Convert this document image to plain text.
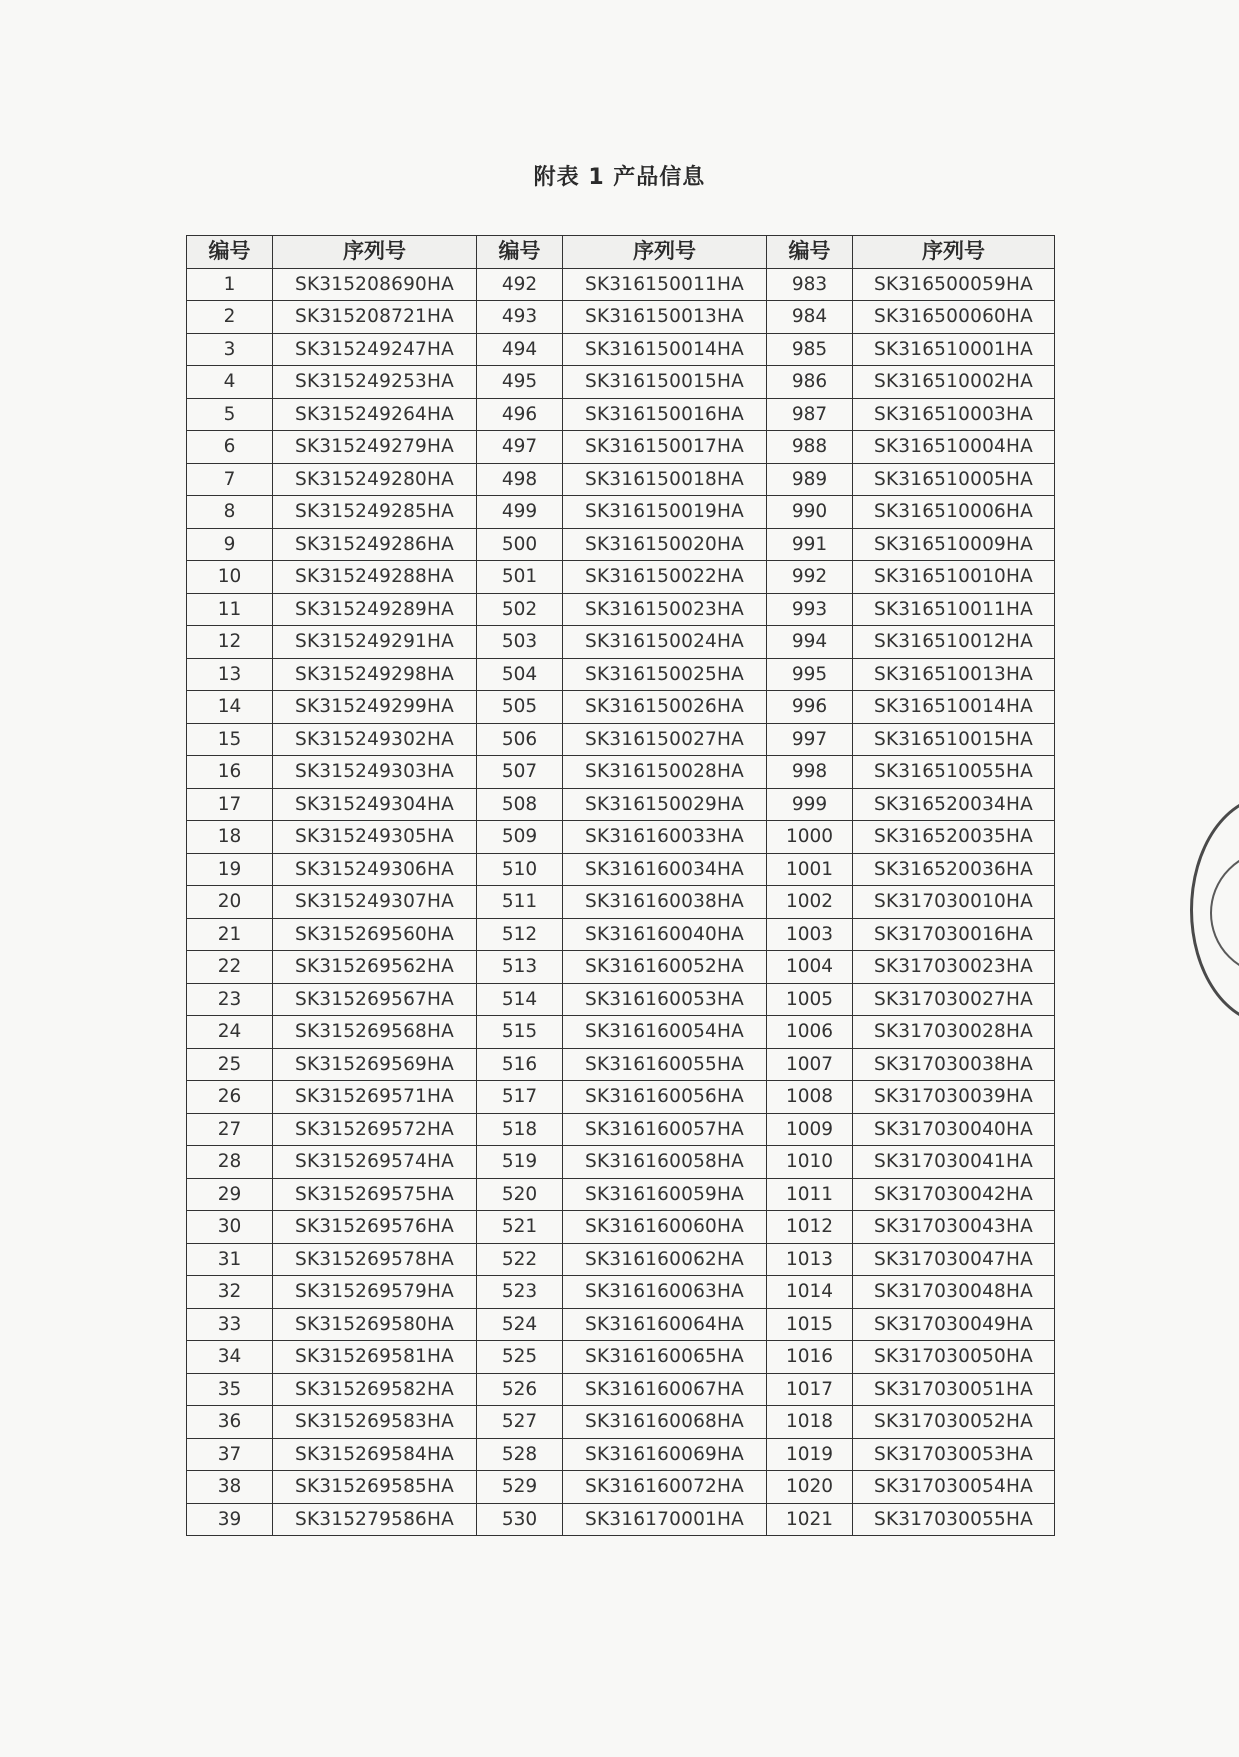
附表 1 产品信息
编号	序列号	编号	序列号	编号	序列号
1	SK315208690HA	492	SK316150011HA	983	SK316500059HA
2	SK315208721HA	493	SK316150013HA	984	SK316500060HA
3	SK315249247HA	494	SK316150014HA	985	SK316510001HA
4	SK315249253HA	495	SK316150015HA	986	SK316510002HA
5	SK315249264HA	496	SK316150016HA	987	SK316510003HA
6	SK315249279HA	497	SK316150017HA	988	SK316510004HA
7	SK315249280HA	498	SK316150018HA	989	SK316510005HA
8	SK315249285HA	499	SK316150019HA	990	SK316510006HA
9	SK315249286HA	500	SK316150020HA	991	SK316510009HA
10	SK315249288HA	501	SK316150022HA	992	SK316510010HA
11	SK315249289HA	502	SK316150023HA	993	SK316510011HA
12	SK315249291HA	503	SK316150024HA	994	SK316510012HA
13	SK315249298HA	504	SK316150025HA	995	SK316510013HA
14	SK315249299HA	505	SK316150026HA	996	SK316510014HA
15	SK315249302HA	506	SK316150027HA	997	SK316510015HA
16	SK315249303HA	507	SK316150028HA	998	SK316510055HA
17	SK315249304HA	508	SK316150029HA	999	SK316520034HA
18	SK315249305HA	509	SK316160033HA	1000	SK316520035HA
19	SK315249306HA	510	SK316160034HA	1001	SK316520036HA
20	SK315249307HA	511	SK316160038HA	1002	SK317030010HA
21	SK315269560HA	512	SK316160040HA	1003	SK317030016HA
22	SK315269562HA	513	SK316160052HA	1004	SK317030023HA
23	SK315269567HA	514	SK316160053HA	1005	SK317030027HA
24	SK315269568HA	515	SK316160054HA	1006	SK317030028HA
25	SK315269569HA	516	SK316160055HA	1007	SK317030038HA
26	SK315269571HA	517	SK316160056HA	1008	SK317030039HA
27	SK315269572HA	518	SK316160057HA	1009	SK317030040HA
28	SK315269574HA	519	SK316160058HA	1010	SK317030041HA
29	SK315269575HA	520	SK316160059HA	1011	SK317030042HA
30	SK315269576HA	521	SK316160060HA	1012	SK317030043HA
31	SK315269578HA	522	SK316160062HA	1013	SK317030047HA
32	SK315269579HA	523	SK316160063HA	1014	SK317030048HA
33	SK315269580HA	524	SK316160064HA	1015	SK317030049HA
34	SK315269581HA	525	SK316160065HA	1016	SK317030050HA
35	SK315269582HA	526	SK316160067HA	1017	SK317030051HA
36	SK315269583HA	527	SK316160068HA	1018	SK317030052HA
37	SK315269584HA	528	SK316160069HA	1019	SK317030053HA
38	SK315269585HA	529	SK316160072HA	1020	SK317030054HA
39	SK315279586HA	530	SK316170001HA	1021	SK317030055HA
